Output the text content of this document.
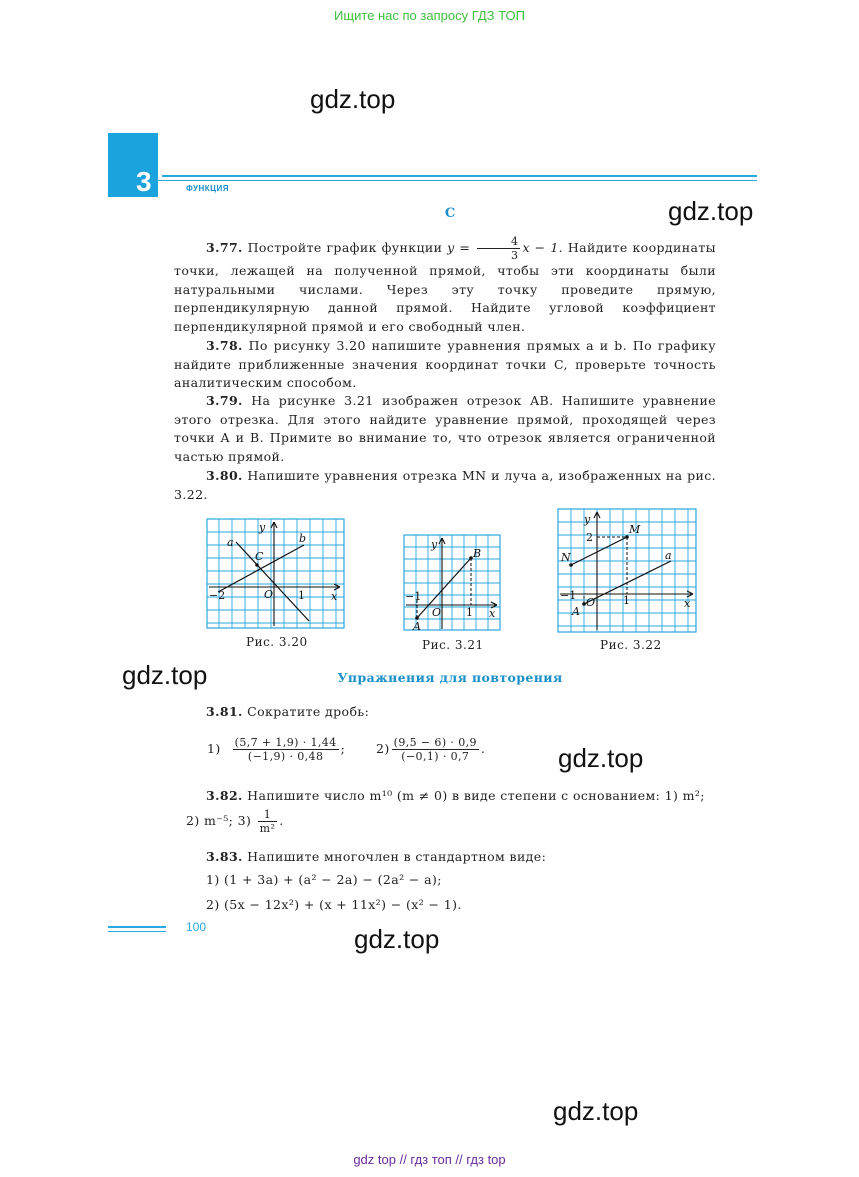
Ищите нас по запросу ГДЗ ТОП
gdz.top
gdz.top
gdz.top
gdz.top
gdz.top
gdz.top
3	ФУНКЦИЯ
C
3.77. Постройте график функции $y = \frac{4}{3}$ x − 1. Найдите координаты точки, лежащей на полученной прямой, чтобы эти координаты были натуральными числами. Через эту точку проведите прямую, перпендикулярную данной прямой. Найдите угловой коэффициент перпендикулярной прямой и его свободный член.
3.78. По рисунку 3.20 напишите уравнения прямых a и b. По графику найдите приближенные значения координат точки C, проверьте точность аналитическим способом.
3.79. На рисунке 3.21 изображен отрезок AB. Напишите уравнение этого отрезка. Для этого найдите уравнение прямой, проходящей через точки A и B. Примите во внимание то, что отрезок является ограниченной частью прямой.
3.80. Напишите уравнения отрезка MN и луча a, изображенных на рис. 3.22.
y
x
a	b
C
O
−2	1
Рис. 3.20
y
x
B
A
O
−1
1
Рис. 3.21
y
x
M
N	a
A
O
2
−1	1
Рис. 3.22
Упражнения для повторения
3.81. Сократите дробь:
$1) \frac{(5,7 + 1,9) \cdot 1,44}{(-1,9) \cdot 0,48}$ ; $2) \frac{(9,5 - 6) \cdot 0,9}{(-0,1) \cdot 0,7}$ .
3.82. Напишите число m¹⁰ (m ≠ 0) в виде степени с основанием: 1) m²;
2) m⁻⁵; $3) \frac{1}{\text{m²}}$ .
3.83. Напишите многочлен в стандартном виде:
1) (1 + 3a) + (a² − 2a) − (2a² − a);
2) (5x − 12x²) + (x + 11x²) − (x² − 1).
100
gdz top // гдз топ // гдз top
